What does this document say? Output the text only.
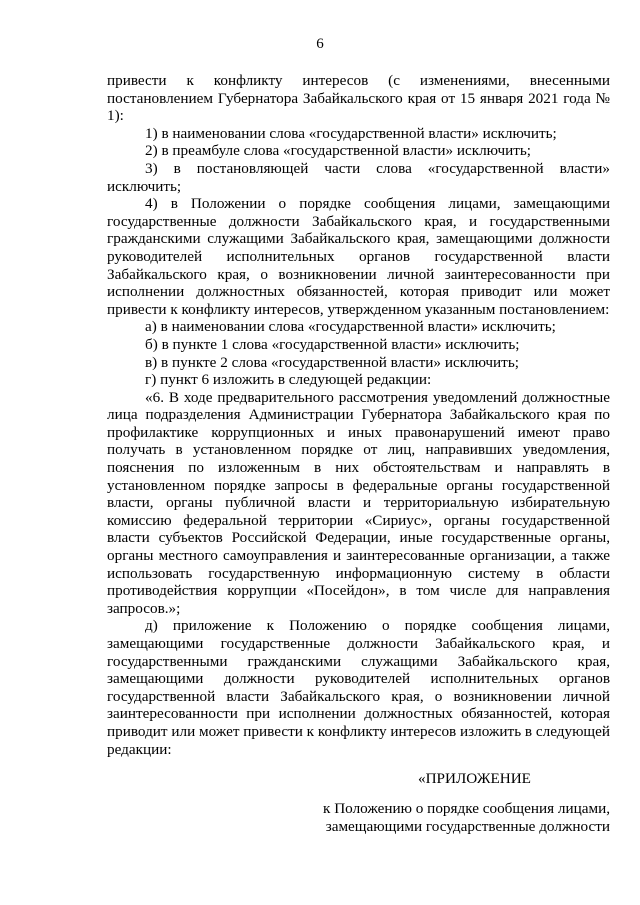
6

привести к конфликту интересов (с изменениями, внесенными постановлением Губернатора Забайкальского края от 15 января 2021 года № 1):

1) в наименовании слова «государственной власти» исключить;

2) в преамбуле слова «государственной власти» исключить;

3) в постановляющей части слова «государственной власти» исключить;

4) в Положении о порядке сообщения лицами, замещающими государственные должности Забайкальского края, и государственными гражданскими служащими Забайкальского края, замещающими должности руководителей исполнительных органов государственной власти Забайкальского края, о возникновении личной заинтересованности при исполнении должностных обязанностей, которая приводит или может привести к конфликту интересов, утвержденном указанным постановлением:

а) в наименовании слова «государственной власти» исключить;

б) в пункте 1 слова «государственной власти» исключить;

в) в пункте 2 слова «государственной власти» исключить;

г) пункт 6 изложить в следующей редакции:

«6. В ходе предварительного рассмотрения уведомлений должностные лица подразделения Администрации Губернатора Забайкальского края по профилактике коррупционных и иных правонарушений имеют право получать в установленном порядке от лиц, направивших уведомления, пояснения по изложенным в них обстоятельствам и направлять в установленном порядке запросы в федеральные органы государственной власти, органы публичной власти и территориальную избирательную комиссию федеральной территории «Сириус», органы государственной власти субъектов Российской Федерации, иные государственные органы, органы местного самоуправления и заинтересованные организации, а также использовать государственную информационную систему в области противодействия коррупции «Посейдон», в том числе для направления запросов.»;

д) приложение к Положению о порядке сообщения лицами, замещающими государственные должности Забайкальского края, и государственными гражданскими служащими Забайкальского края, замещающими должности руководителей исполнительных органов государственной власти Забайкальского края, о возникновении личной заинтересованности при исполнении должностных обязанностей, которая приводит или может привести к конфликту интересов изложить в следующей редакции:

«ПРИЛОЖЕНИЕ
к Положению о порядке сообщения лицами,
замещающими государственные должности
